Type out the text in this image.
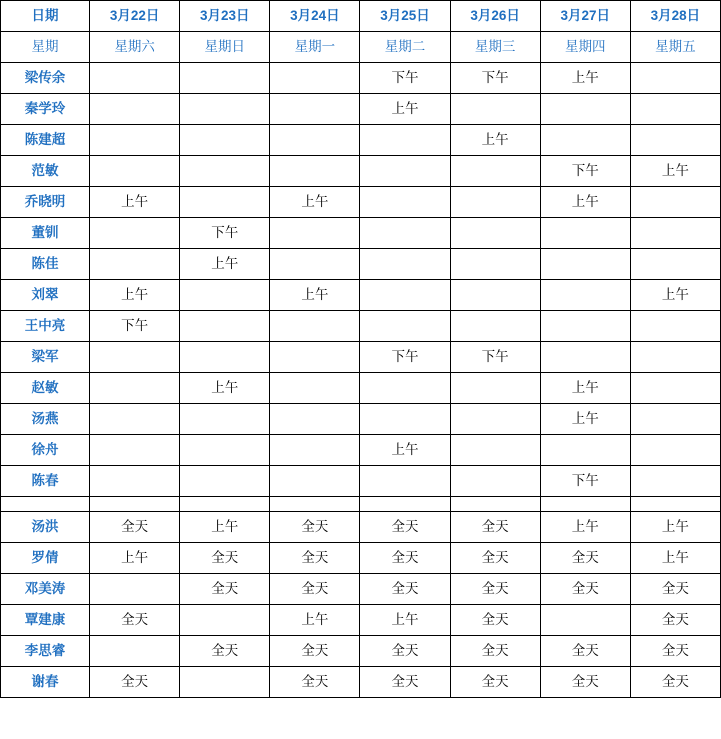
日期	3月22日	3月23日	3月24日	3月25日	3月26日	3月27日	3月28日
星期	星期六	星期日	星期一	星期二	星期三	星期四	星期五
梁传余				下午	下午	上午	
秦学玲				上午			
陈建超					上午		
范敏						下午	上午
乔晓明	上午		上午			上午	
董钏		下午					
陈佳		上午					
刘翠	上午		上午				上午
王中亮	下午						
梁军				下午	下午		
赵敏		上午				上午	
汤燕						上午	
徐舟				上午			
陈春						下午	

汤洪	全天	上午	全天	全天	全天	上午	上午
罗倩	上午	全天	全天	全天	全天	全天	上午
邓美涛		全天	全天	全天	全天	全天	全天
覃建康	全天		上午	上午	全天		全天
李思睿		全天	全天	全天	全天	全天	全天
谢春	全天		全天	全天	全天	全天	全天
